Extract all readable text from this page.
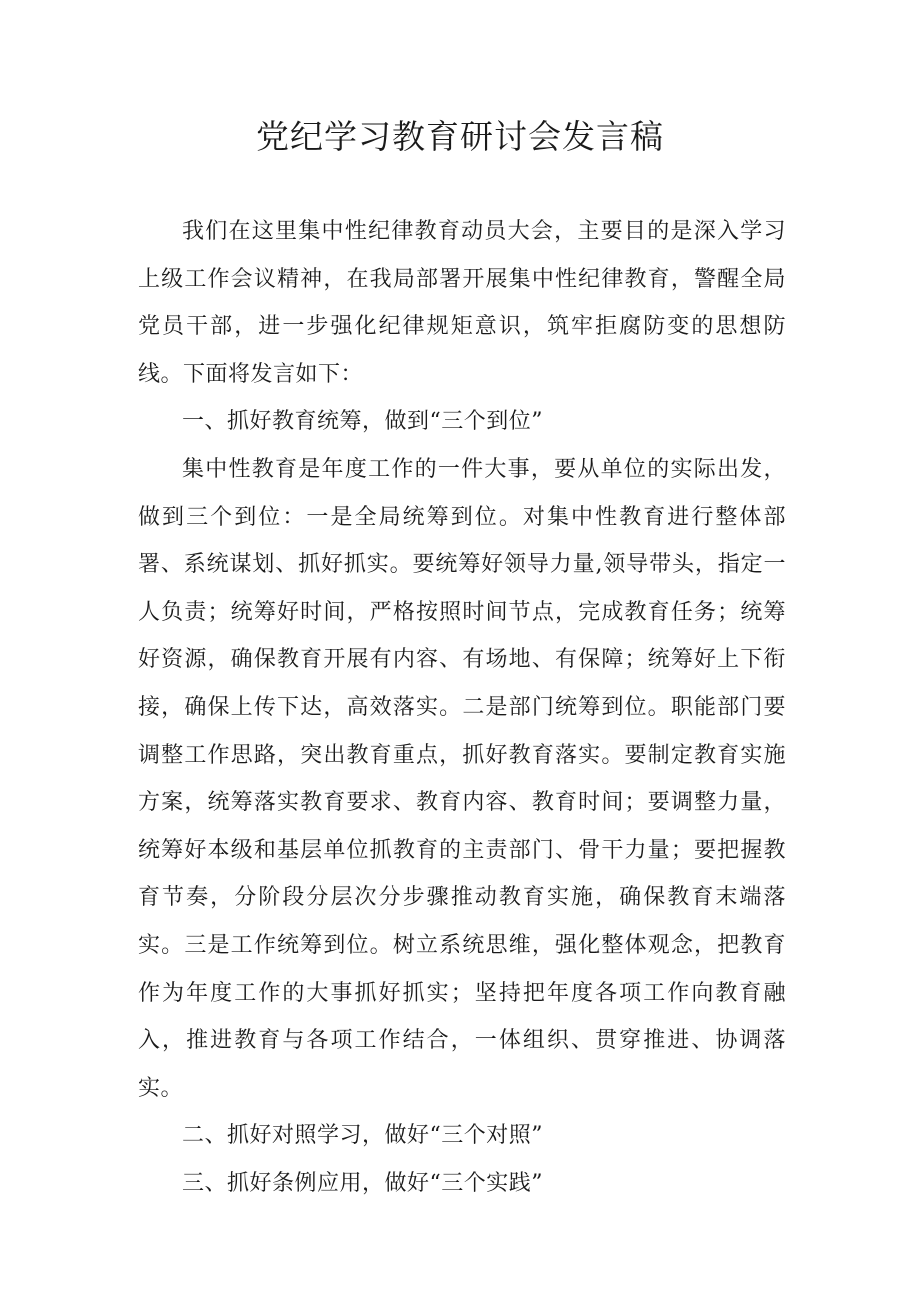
党纪学习教育研讨会发言稿

我们在这里集中性纪律教育动员大会，主要目的是深入学习上级工作会议精神，在我局部署开展集中性纪律教育，警醒全局党员干部，进一步强化纪律规矩意识，筑牢拒腐防变的思想防线。下面将发言如下：

一、抓好教育统筹，做到“三个到位”

集中性教育是年度工作的一件大事，要从单位的实际出发，做到三个到位：一是全局统筹到位。对集中性教育进行整体部署、系统谋划、抓好抓实。要统筹好领导力量,领导带头，指定一人负责；统筹好时间，严格按照时间节点，完成教育任务；统筹好资源，确保教育开展有内容、有场地、有保障；统筹好上下衔接，确保上传下达，高效落实。二是部门统筹到位。职能部门要调整工作思路，突出教育重点，抓好教育落实。要制定教育实施方案，统筹落实教育要求、教育内容、教育时间；要调整力量，统筹好本级和基层单位抓教育的主责部门、骨干力量；要把握教育节奏，分阶段分层次分步骤推动教育实施，确保教育末端落实。三是工作统筹到位。树立系统思维，强化整体观念，把教育作为年度工作的大事抓好抓实；坚持把年度各项工作向教育融入，推进教育与各项工作结合，一体组织、贯穿推进、协调落实。

二、抓好对照学习，做好“三个对照”

三、抓好条例应用，做好“三个实践”
